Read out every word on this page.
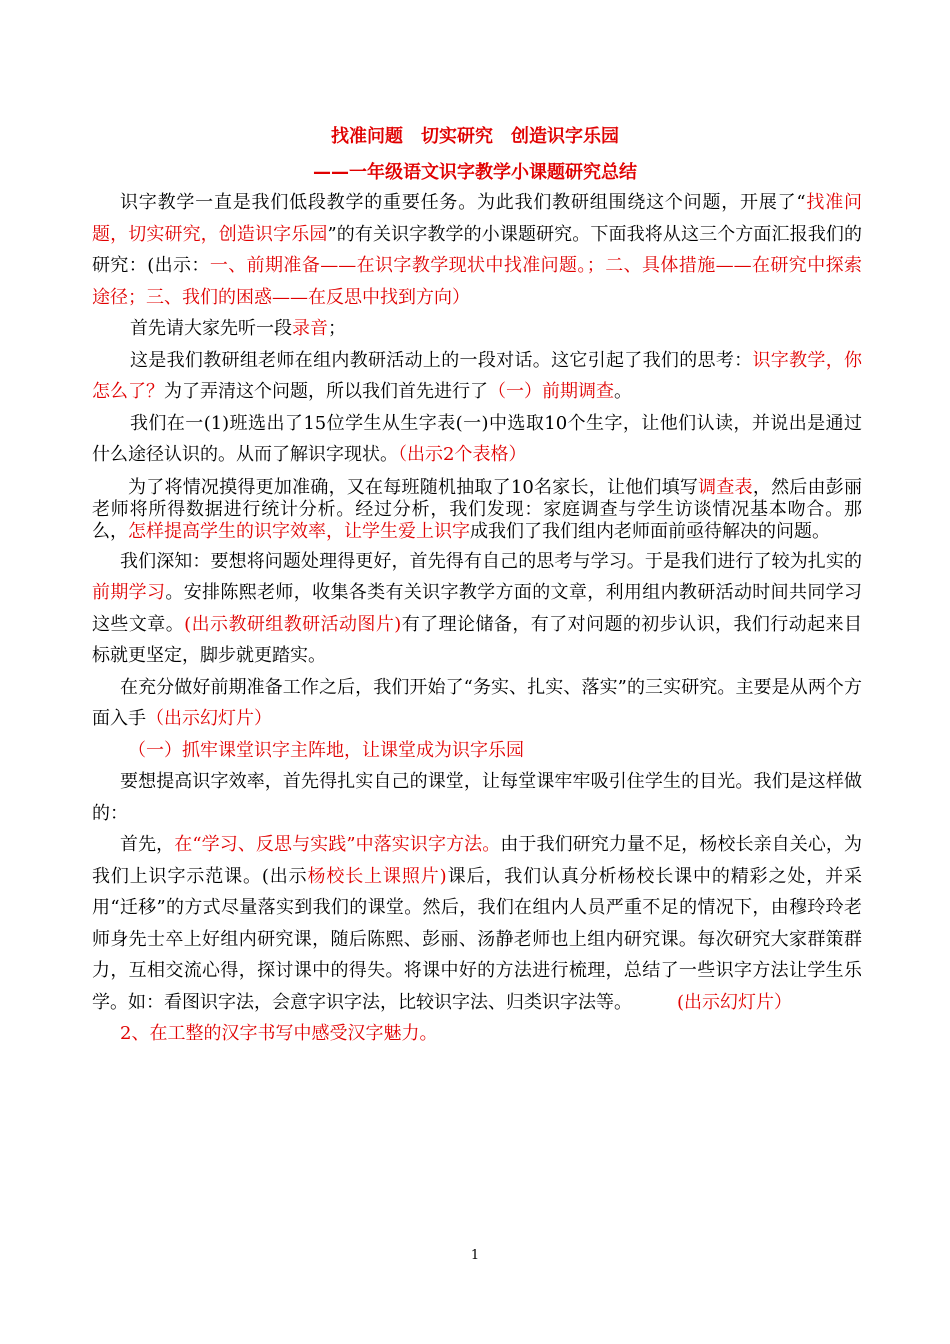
找准问题　切实研究　创造识字乐园
——一年级语文识字教学小课题研究总结

识字教学一直是我们低段教学的重要任务。为此我们教研组围绕这个问题，开展了“找准问题，切实研究，创造识字乐园”的有关识字教学的小课题研究。下面我将从这三个方面汇报我们的研究：(出示：一、前期准备——在识字教学现状中找准问题。；二、具体措施——在研究中探索途径；三、我们的困惑——在反思中找到方向）

首先请大家先听一段录音；

这是我们教研组老师在组内教研活动上的一段对话。这它引起了我们的思考：识字教学，你怎么了？为了弄清这个问题，所以我们首先进行了（一）前期调查。

我们在一(1)班选出了15位学生从生字表(一)中选取10个生字，让他们认读，并说出是通过什么途径认识的。从而了解识字现状。（出示2个表格）

为了将情况摸得更加准确，又在每班随机抽取了10名家长，让他们填写调查表，然后由彭丽老师将所得数据进行统计分析。经过分析，我们发现：家庭调查与学生访谈情况基本吻合。那么，怎样提高学生的识字效率，让学生爱上识字成我们了我们组内老师面前亟待解决的问题。

我们深知：要想将问题处理得更好，首先得有自己的思考与学习。于是我们进行了较为扎实的前期学习。安排陈熙老师，收集各类有关识字教学方面的文章，利用组内教研活动时间共同学习这些文章。(出示教研组教研活动图片)有了理论储备，有了对问题的初步认识，我们行动起来目标就更坚定，脚步就更踏实。

在充分做好前期准备工作之后，我们开始了“务实、扎实、落实”的三实研究。主要是从两个方面入手（出示幻灯片）

（一）抓牢课堂识字主阵地，让课堂成为识字乐园

要想提高识字效率，首先得扎实自己的课堂，让每堂课牢牢吸引住学生的目光。我们是这样做的：

首先，在“学习、反思与实践”中落实识字方法。由于我们研究力量不足，杨校长亲自关心，为我们上识字示范课。(出示杨校长上课照片)课后，我们认真分析杨校长课中的精彩之处，并采用“迁移”的方式尽量落实到我们的课堂。然后，我们在组内人员严重不足的情况下，由穆玲玲老师身先士卒上好组内研究课，随后陈熙、彭丽、汤静老师也上组内研究课。每次研究大家群策群力，互相交流心得，探讨课中的得失。将课中好的方法进行梳理，总结了一些识字方法让学生乐学。如：看图识字法，会意字识字法，比较识字法、归类识字法等。　　　(出示幻灯片）

2、在工整的汉字书写中感受汉字魅力。

1
